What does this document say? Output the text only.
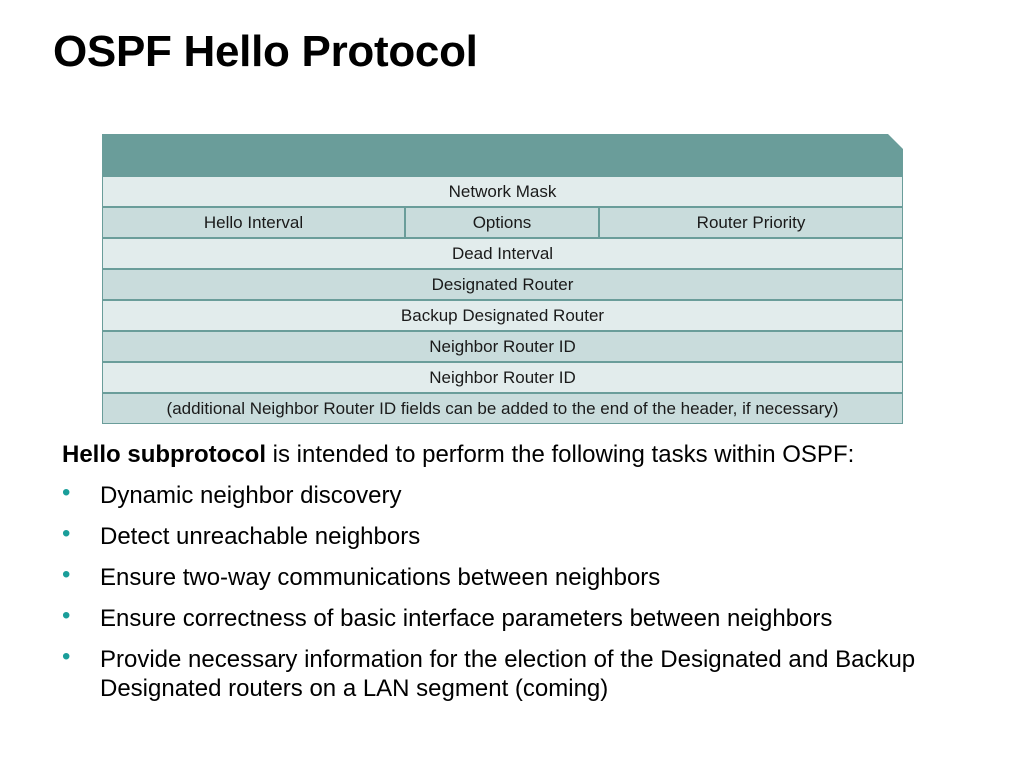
OSPF Hello Protocol
Network Mask
Hello Interval	Options	Router Priority
Dead Interval
Designated Router
Backup Designated Router
Neighbor Router ID
Neighbor Router ID
(additional Neighbor Router ID fields can be added to the end of the header, if necessary)

Hello subprotocol is intended to perform the following tasks within OSPF:

• Dynamic neighbor discovery
• Detect unreachable neighbors
• Ensure two-way communications between neighbors
• Ensure correctness of basic interface parameters between neighbors
• Provide necessary information for the election of the Designated and Backup Designated routers on a LAN segment (coming)
